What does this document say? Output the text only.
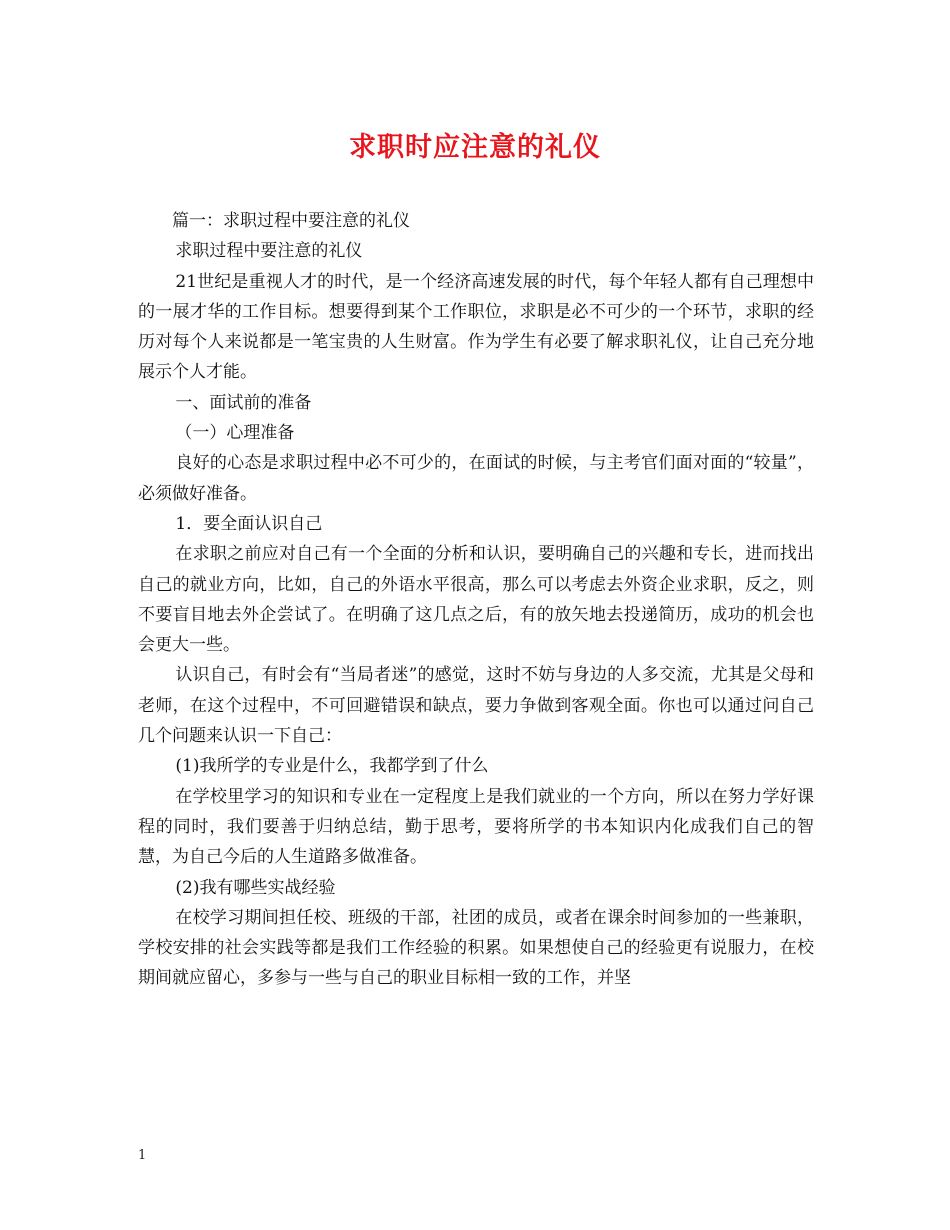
求职时应注意的礼仪

篇一：求职过程中要注意的礼仪

求职过程中要注意的礼仪

21世纪是重视人才的时代，是一个经济高速发展的时代，每个年轻人都有自己理想中的一展才华的工作目标。想要得到某个工作职位，求职是必不可少的一个环节，求职的经历对每个人来说都是一笔宝贵的人生财富。作为学生有必要了解求职礼仪，让自己充分地展示个人才能。

一、面试前的准备

（一）心理准备

良好的心态是求职过程中必不可少的，在面试的时候，与主考官们面对面的“较量”，必须做好准备。

1．要全面认识自己

在求职之前应对自己有一个全面的分析和认识，要明确自己的兴趣和专长，进而找出自己的就业方向，比如，自己的外语水平很高，那么可以考虑去外资企业求职，反之，则不要盲目地去外企尝试了。在明确了这几点之后，有的放矢地去投递简历，成功的机会也会更大一些。

认识自己，有时会有“当局者迷”的感觉，这时不妨与身边的人多交流，尤其是父母和老师，在这个过程中，不可回避错误和缺点，要力争做到客观全面。你也可以通过问自己几个问题来认识一下自己：

(1)我所学的专业是什么，我都学到了什么

在学校里学习的知识和专业在一定程度上是我们就业的一个方向，所以在努力学好课程的同时，我们要善于归纳总结，勤于思考，要将所学的书本知识内化成我们自己的智慧，为自己今后的人生道路多做准备。

(2)我有哪些实战经验

在校学习期间担任校、班级的干部，社团的成员，或者在课余时间参加的一些兼职，学校安排的社会实践等都是我们工作经验的积累。如果想使自己的经验更有说服力，在校期间就应留心，多参与一些与自己的职业目标相一致的工作，并坚

1
